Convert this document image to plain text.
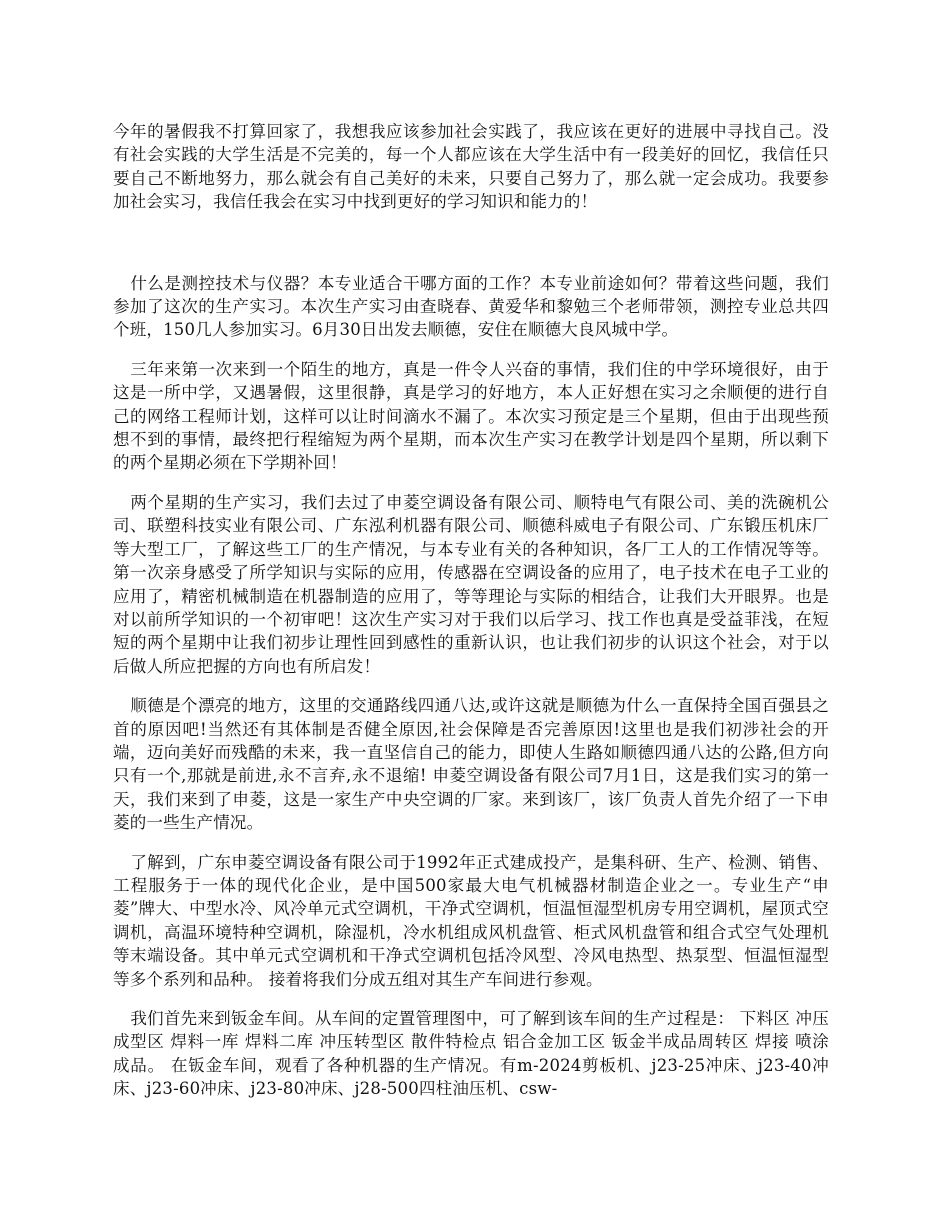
今年的暑假我不打算回家了，我想我应该参加社会实践了，我应该在更好的进展中寻找自己。没有社会实践的大学生活是不完美的，每一个人都应该在大学生活中有一段美好的回忆，我信任只要自己不断地努力，那么就会有自己美好的未来，只要自己努力了，那么就一定会成功。我要参加社会实习，我信任我会在实习中找到更好的学习知识和能力的！

什么是测控技术与仪器？本专业适合干哪方面的工作？本专业前途如何？带着这些问题，我们参加了这次的生产实习。本次生产实习由查晓春、黄爱华和黎勉三个老师带领，测控专业总共四个班，150几人参加实习。6月30日出发去顺德，安住在顺德大良风城中学。

三年来第一次来到一个陌生的地方，真是一件令人兴奋的事情，我们住的中学环境很好，由于这是一所中学，又遇暑假，这里很静，真是学习的好地方，本人正好想在实习之余顺便的进行自己的网络工程师计划，这样可以让时间滴水不漏了。本次实习预定是三个星期，但由于出现些预想不到的事情，最终把行程缩短为两个星期，而本次生产实习在教学计划是四个星期，所以剩下的两个星期必须在下学期补回！

两个星期的生产实习，我们去过了申菱空调设备有限公司、顺特电气有限公司、美的洗碗机公司、联塑科技实业有限公司、广东泓利机器有限公司、顺德科威电子有限公司、广东锻压机床厂等大型工厂，了解这些工厂的生产情况，与本专业有关的各种知识，各厂工人的工作情况等等。第一次亲身感受了所学知识与实际的应用，传感器在空调设备的应用了，电子技术在电子工业的应用了，精密机械制造在机器制造的应用了，等等理论与实际的相结合，让我们大开眼界。也是对以前所学知识的一个初审吧！这次生产实习对于我们以后学习、找工作也真是受益菲浅，在短短的两个星期中让我们初步让理性回到感性的重新认识，也让我们初步的认识这个社会，对于以后做人所应把握的方向也有所启发！

顺德是个漂亮的地方，这里的交通路线四通八达,或许这就是顺德为什么一直保持全国百强县之首的原因吧!当然还有其体制是否健全原因,社会保障是否完善原因!这里也是我们初涉社会的开端，迈向美好而残酷的未来，我一直坚信自己的能力，即使人生路如顺德四通八达的公路,但方向只有一个,那就是前进,永不言弃,永不退缩! 申菱空调设备有限公司7月1日，这是我们实习的第一天，我们来到了申菱，这是一家生产中央空调的厂家。来到该厂，该厂负责人首先介绍了一下申菱的一些生产情况。

了解到，广东申菱空调设备有限公司于1992年正式建成投产，是集科研、生产、检测、销售、工程服务于一体的现代化企业，是中国500家最大电气机械器材制造企业之一。专业生产“申菱”牌大、中型水冷、风冷单元式空调机，干净式空调机，恒温恒湿型机房专用空调机，屋顶式空调机，高温环境特种空调机，除湿机，冷水机组成风机盘管、柜式风机盘管和组合式空气处理机等末端设备。其中单元式空调机和干净式空调机包括冷风型、冷风电热型、热泵型、恒温恒湿型等多个系列和品种。 接着将我们分成五组对其生产车间进行参观。

我们首先来到钣金车间。从车间的定置管理图中，可了解到该车间的生产过程是： 下料区 冲压成型区 焊料一库 焊料二库 冲压转型区 散件特检点 铝合金加工区 钣金半成品周转区 焊接 喷涂 成品。 在钣金车间，观看了各种机器的生产情况。有m-2024剪板机、j23-25冲床、j23-40冲床、j23-60冲床、j23-80冲床、j28-500四柱油压机、csw-
